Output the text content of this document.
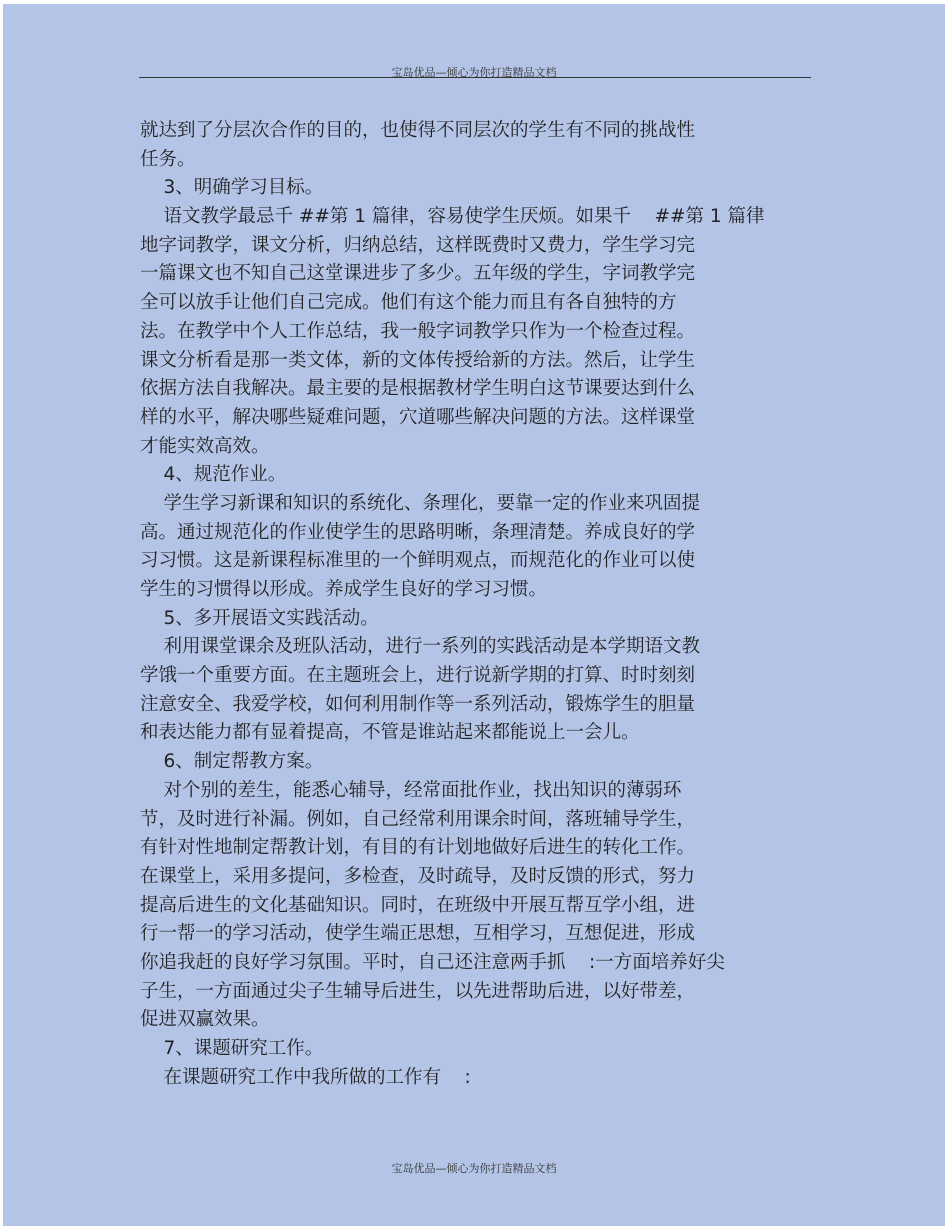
宝岛优品—倾心为你打造精品文档
就达到了分层次合作的目的，也使得不同层次的学生有不同的挑战性
任务。
3、明确学习目标。
语文教学最忌千 ##第 1 篇律，容易使学生厌烦。如果千    ##第 1 篇律
地字词教学，课文分析，归纳总结，这样既费时又费力，学生学习完
一篇课文也不知自己这堂课进步了多少。五年级的学生，字词教学完
全可以放手让他们自己完成。他们有这个能力而且有各自独特的方
法。在教学中个人工作总结，我一般字词教学只作为一个检查过程。
课文分析看是那一类文体，新的文体传授给新的方法。然后，让学生
依据方法自我解决。最主要的是根据教材学生明白这节课要达到什么
样的水平，解决哪些疑难问题，穴道哪些解决问题的方法。这样课堂
才能实效高效。
4、规范作业。
学生学习新课和知识的系统化、条理化，要靠一定的作业来巩固提
高。通过规范化的作业使学生的思路明晰，条理清楚。养成良好的学
习习惯。这是新课程标准里的一个鲜明观点，而规范化的作业可以使
学生的习惯得以形成。养成学生良好的学习习惯。
5、多开展语文实践活动。
利用课堂课余及班队活动，进行一系列的实践活动是本学期语文教
学饿一个重要方面。在主题班会上，进行说新学期的打算、时时刻刻
注意安全、我爱学校，如何利用制作等一系列活动，锻炼学生的胆量
和表达能力都有显着提高，不管是谁站起来都能说上一会儿。
6、制定帮教方案。
对个别的差生，能悉心辅导，经常面批作业，找出知识的薄弱环
节，及时进行补漏。例如，自己经常利用课余时间，落班辅导学生，
有针对性地制定帮教计划，有目的有计划地做好后进生的转化工作。
在课堂上，采用多提问，多检查，及时疏导，及时反馈的形式，努力
提高后进生的文化基础知识。同时，在班级中开展互帮互学小组，进
行一帮一的学习活动，使学生端正思想，互相学习，互想促进，形成
你追我赶的良好学习氛围。平时，自己还注意两手抓    :一方面培养好尖
子生，一方面通过尖子生辅导后进生，以先进帮助后进，以好带差，
促进双赢效果。
7、课题研究工作。
在课题研究工作中我所做的工作有    :
宝岛优品—倾心为你打造精品文档
